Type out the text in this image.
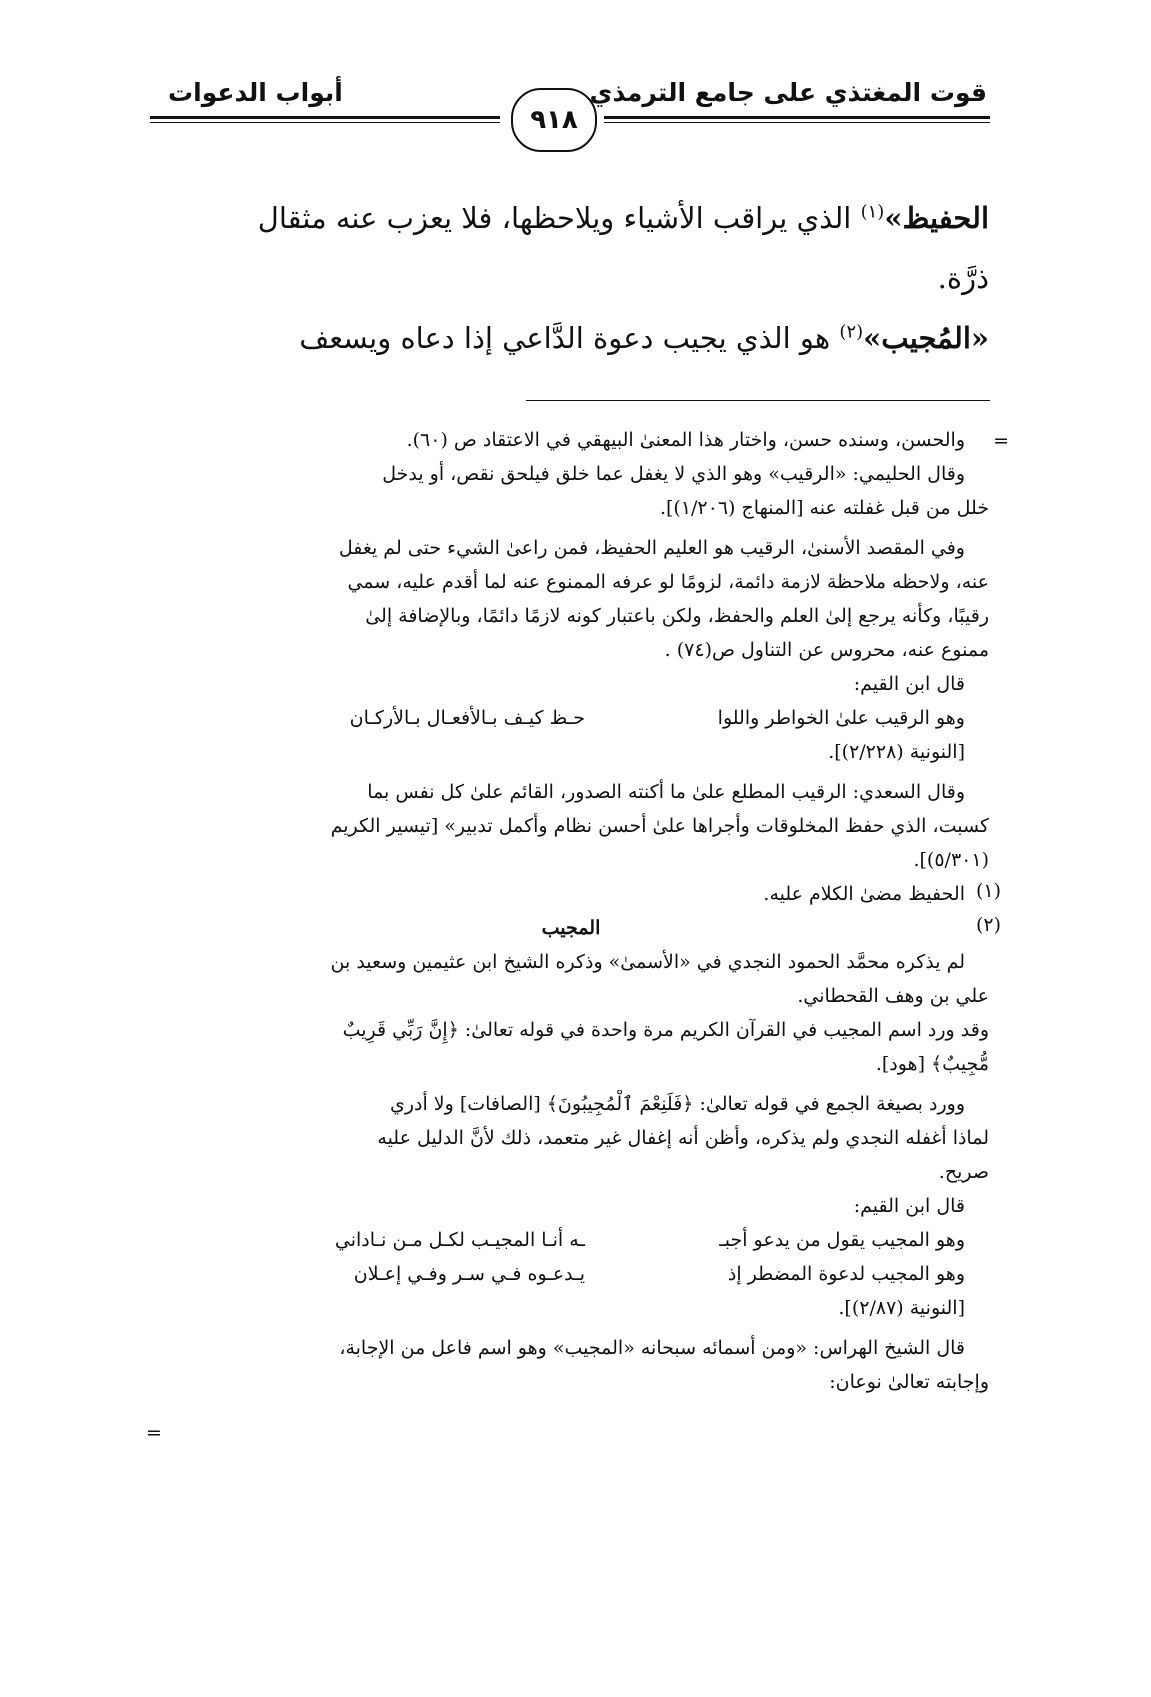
قوت المغتذي على جامع الترمذي
أبواب الدعوات
٩١٨
الحفيظ»$^{(١)}$ الذي يراقب الأشياء ويلاحظها، فلا يعزب عنه مثقال
ذرَّة.
«المُجيب»$^{(٢)}$ هو الذي يجيب دعوة الدَّاعي إذا دعاه ويسعف
=
والحسن، وسنده حسن، واختار هذا المعنىٰ البيهقي في الاعتقاد ص (٦٠).
وقال الحليمي: «الرقيب» وهو الذي لا يغفل عما خلق فيلحق نقص، أو يدخل
خلل من قبل غفلته عنه [المنهاج (١/٢٠٦)].
وفي المقصد الأسنىٰ، الرقيب هو العليم الحفيظ، فمن راعىٰ الشيء حتى لم يغفل
عنه، ولاحظه ملاحظة لازمة دائمة، لزومًا لو عرفه الممنوع عنه لما أقدم عليه، سمي
رقيبًا، وكأنه يرجع إلىٰ العلم والحفظ، ولكن باعتبار كونه لازمًا دائمًا، وبالإضافة إلىٰ
ممنوع عنه، محروس عن التناول ص(٧٤) .
قال ابن القيم:
وهو الرقيب علىٰ الخواطر واللوا
حـظ كيـف بـالأفعـال بـالأركـان
[النونية (٢/٢٢٨)].
وقال السعدي: الرقيب المطلع علىٰ ما أكنته الصدور، القائم علىٰ كل نفس بما
كسبت، الذي حفظ المخلوقات وأجراها علىٰ أحسن نظام وأكمل تدبير» [تيسير الكريم
(٥/٣٠١)].
(١)
الحفيظ مضىٰ الكلام عليه.
(٢)
المجيب
لم يذكره محمَّد الحمود النجدي في «الأسمىٰ» وذكره الشيخ ابن عثيمين وسعيد بن
علي بن وهف القحطاني.
وقد ورد اسم المجيب في القرآن الكريم مرة واحدة في قوله تعالىٰ: ﴿إِنَّ رَبِّي قَرِيبٌ
مُّجِيبٌ﴾ [هود].
وورد بصيغة الجمع في قوله تعالىٰ: ﴿فَلَنِعْمَ ٱلْمُجِيبُونَ﴾ [الصافات] ولا أدري
لماذا أغفله النجدي ولم يذكره، وأظن أنه إغفال غير متعمد، ذلك لأنَّ الدليل عليه
صريح.
قال ابن القيم:
وهو المجيب يقول من يدعو أجبـ
ـه أنـا المجيـب لكـل مـن نـاداني
وهو المجيب لدعوة المضطر إذ
يـدعـوه فـي سـر وفـي إعـلان
[النونية (٢/٨٧)].
قال الشيخ الهراس: «ومن أسمائه سبحانه «المجيب» وهو اسم فاعل من الإجابة،
وإجابته تعالىٰ نوعان:
=
